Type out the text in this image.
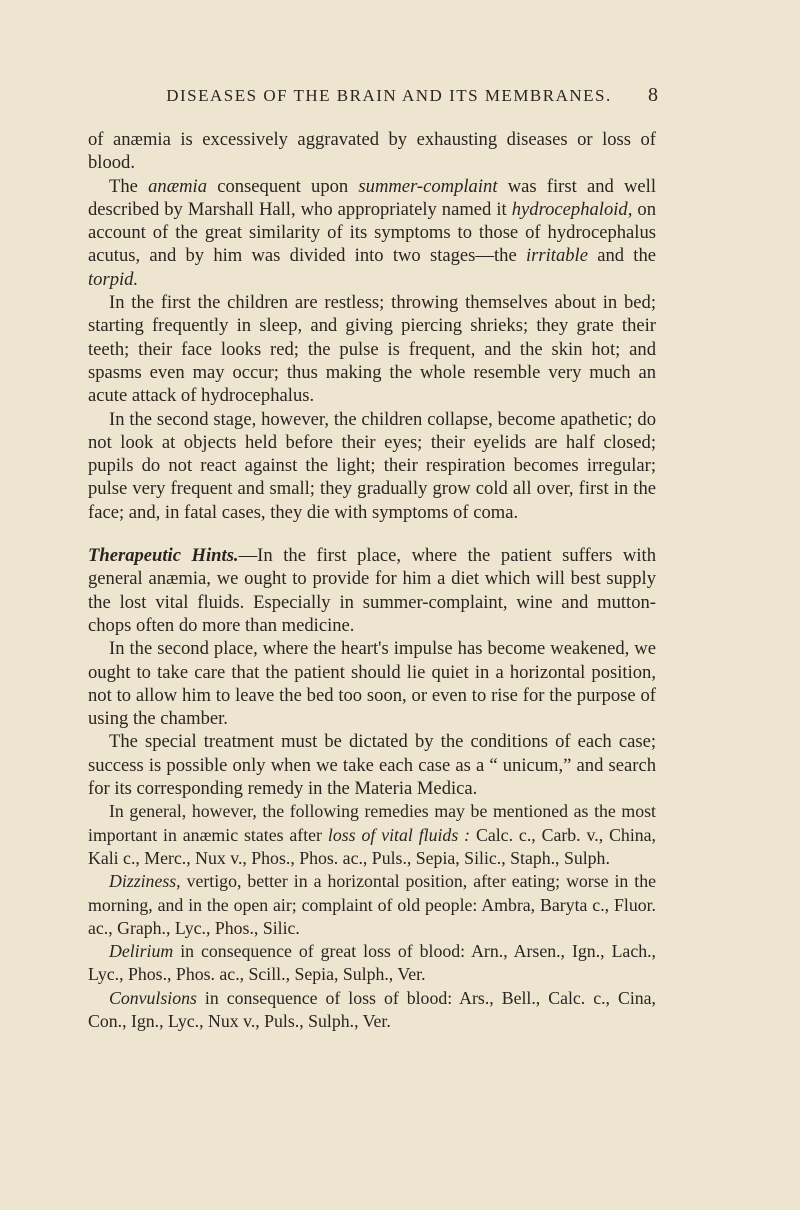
DISEASES OF THE BRAIN AND ITS MEMBRANES. 8

of anæmia is excessively aggravated by exhausting diseases or loss of blood.

The anæmia consequent upon summer-complaint was first and well described by Marshall Hall, who appropriately named it hydrocephaloid, on account of the great similarity of its symptoms to those of hydrocephalus acutus, and by him was divided into two stages—the irritable and the torpid.

In the first the children are restless; throwing themselves about in bed; starting frequently in sleep, and giving piercing shrieks; they grate their teeth; their face looks red; the pulse is frequent, and the skin hot; and spasms even may occur; thus making the whole resemble very much an acute attack of hydrocephalus.

In the second stage, however, the children collapse, become apathetic; do not look at objects held before their eyes; their eyelids are half closed; pupils do not react against the light; their respiration becomes irregular; pulse very frequent and small; they gradually grow cold all over, first in the face; and, in fatal cases, they die with symptoms of coma.

Therapeutic Hints.—In the first place, where the patient suffers with general anæmia, we ought to provide for him a diet which will best supply the lost vital fluids. Especially in summer-complaint, wine and mutton-chops often do more than medicine.

In the second place, where the heart's impulse has become weakened, we ought to take care that the patient should lie quiet in a horizontal position, not to allow him to leave the bed too soon, or even to rise for the purpose of using the chamber.

The special treatment must be dictated by the conditions of each case; success is possible only when we take each case as a “ unicum,” and search for its corresponding remedy in the Materia Medica.

In general, however, the following remedies may be mentioned as the most important in anæmic states after loss of vital fluids : Calc. c., Carb. v., China, Kali c., Merc., Nux v., Phos., Phos. ac., Puls., Sepia, Silic., Staph., Sulph.

Dizziness, vertigo, better in a horizontal position, after eating; worse in the morning, and in the open air; complaint of old people: Ambra, Baryta c., Fluor. ac., Graph., Lyc., Phos., Silic.

Delirium in consequence of great loss of blood: Arn., Arsen., Ign., Lach., Lyc., Phos., Phos. ac., Scill., Sepia, Sulph., Ver.

Convulsions in consequence of loss of blood: Ars., Bell., Calc. c., Cina, Con., Ign., Lyc., Nux v., Puls., Sulph., Ver.
